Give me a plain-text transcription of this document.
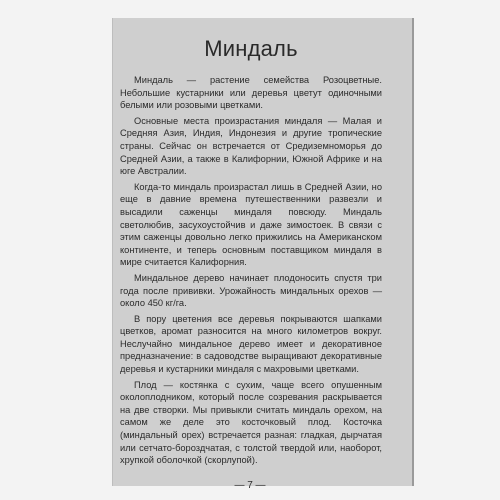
Миндаль

Миндаль — растение семейства Розоцветные. Небольшие кустарники или деревья цветут одиночными белыми или розовыми цветками.

Основные места произрастания миндаля — Малая и Средняя Азия, Индия, Индонезия и другие тропические страны. Сейчас он встречается от Средиземноморья до Средней Азии, а также в Калифорнии, Южной Африке и на юге Австралии.

Когда-то миндаль произрастал лишь в Средней Азии, но еще в давние времена путешественники развезли и высадили саженцы миндаля повсюду. Миндаль светолюбив, засухоустойчив и даже зимостоек. В связи с этим саженцы довольно легко прижились на Американском континенте, и теперь основным поставщиком миндаля в мире считается Калифорния.

Миндальное дерево начинает плодоносить спустя три года после прививки. Урожайность миндальных орехов — около 450 кг/га.

В пору цветения все деревья покрываются шапками цветков, аромат разносится на много километров вокруг. Неслучайно миндальное дерево имеет и декоративное предназначение: в садоводстве выращивают декоративные деревья и кустарники миндаля с махровыми цветками.

Плод — костянка с сухим, чаще всего опушенным околоплодником, который после созревания раскрывается на две створки. Мы привыкли считать миндаль орехом, на самом же деле это косточковый плод. Косточка (миндальный орех) встречается разная: гладкая, дырчатая или сетчато-бороздчатая, с толстой твердой или, наоборот, хрупкой оболочкой (скорлупой).

— 7 —
